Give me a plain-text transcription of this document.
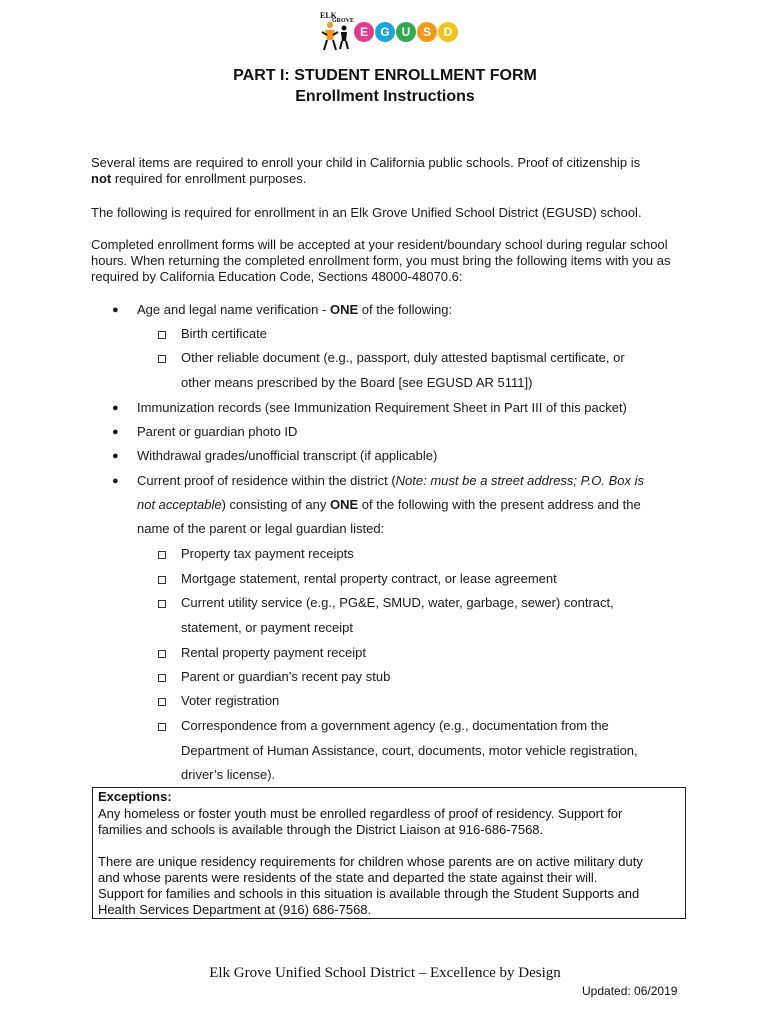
ELK
GROVE
E	G U	S	D
PART I: STUDENT ENROLLMENT FORM
Enrollment Instructions
Several items are required to enroll your child in California public schools. Proof of citizenship is
not required for enrollment purposes.
The following is required for enrollment in an Elk Grove Unified School District (EGUSD) school.
Completed enrollment forms will be accepted at your resident/boundary school during regular school hours. When returning the completed enrollment form, you must bring the following items with you as required by California Education Code, Sections 48000-48070.6:
● Age and legal name verification - ONE of the following:
Birth certificate
Other reliable document (e.g., passport, duly attested baptismal certificate, or
other means prescribed by the Board [see EGUSD AR 5111])
● Immunization records (see Immunization Requirement Sheet in Part III of this packet)
● Parent or guardian photo ID
● Withdrawal grades/unofficial transcript (if applicable)
● Current proof of residence within the district (Note: must be a street address; P.O. Box is
not acceptable) consisting of any ONE of the following with the present address and the
name of the parent or legal guardian listed:
Property tax payment receipts
Mortgage statement, rental property contract, or lease agreement
Current utility service (e.g., PG&E, SMUD, water, garbage, sewer) contract,
statement, or payment receipt
Rental property payment receipt
Parent or guardian’s recent pay stub
Voter registration
Correspondence from a government agency (e.g., documentation from the
Department of Human Assistance, court, documents, motor vehicle registration,
driver’s license).
Exceptions:
Any homeless or foster youth must be enrolled regardless of proof of residency. Support for
families and schools is available through the District Liaison at 916-686-7568.
There are unique residency requirements for children whose parents are on active military duty
and whose parents were residents of the state and departed the state against their will.
Support for families and schools in this situation is available through the Student Supports and
Health Services Department at (916) 686-7568.
Elk Grove Unified School District – Excellence by Design
Updated: 06/2019
